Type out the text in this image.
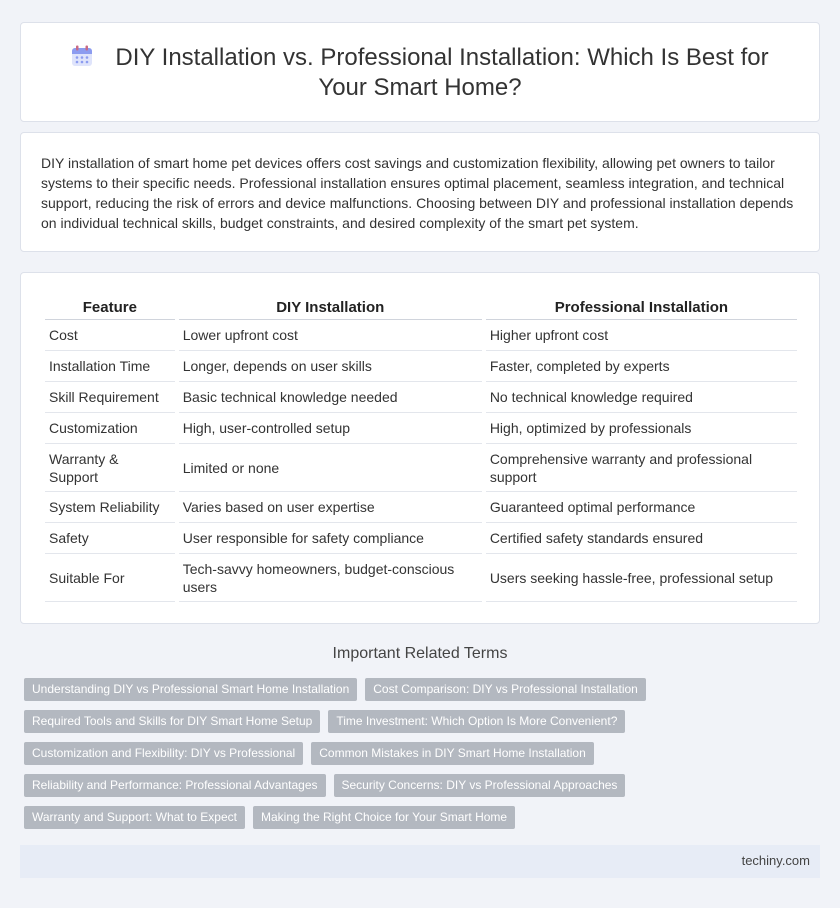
DIY Installation vs. Professional Installation: Which Is Best for
Your Smart Home?

DIY installation of smart home pet devices offers cost savings and customization flexibility, allowing pet owners to tailor systems to their specific needs. Professional installation ensures optimal placement, seamless integration, and technical support, reducing the risk of errors and device malfunctions. Choosing between DIY and professional installation depends on individual technical skills, budget constraints, and desired complexity of the smart pet system.

Feature	DIY Installation	Professional Installation
Cost	Lower upfront cost	Higher upfront cost
Installation Time	Longer, depends on user skills	Faster, completed by experts
Skill Requirement	Basic technical knowledge needed	No technical knowledge required
Customization	High, user-controlled setup	High, optimized by professionals
Warranty & Support	Limited or none	Comprehensive warranty and professional support
System Reliability	Varies based on user expertise	Guaranteed optimal performance
Safety	User responsible for safety compliance	Certified safety standards ensured
Suitable For	Tech-savvy homeowners, budget-conscious users	Users seeking hassle-free, professional setup
Important Related Terms
Understanding DIY vs Professional Smart Home Installation	Cost Comparison: DIY vs Professional Installation
Required Tools and Skills for DIY Smart Home Setup	Time Investment: Which Option Is More Convenient?
Customization and Flexibility: DIY vs Professional	Common Mistakes in DIY Smart Home Installation
Reliability and Performance: Professional Advantages	Security Concerns: DIY vs Professional Approaches
Warranty and Support: What to Expect	Making the Right Choice for Your Smart Home
techiny.com
